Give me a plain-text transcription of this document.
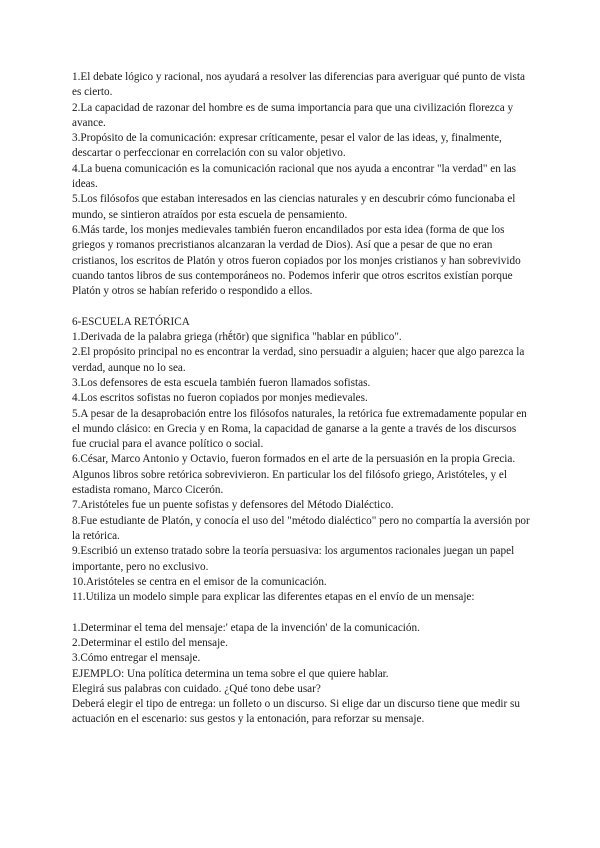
1.El debate lógico y racional, nos ayudará a resolver las diferencias para averiguar qué punto de vista es cierto.

2.La capacidad de razonar del hombre es de suma importancia para que una civilización florezca y avance.

3.Propósito de la comunicación: expresar críticamente, pesar el valor de las ideas, y, finalmente, descartar o perfeccionar en correlación con su valor objetivo.

4.La buena comunicación es la comunicación racional que nos ayuda a encontrar "la verdad" en las ideas.

5.Los filósofos que estaban interesados en las ciencias naturales y en descubrir cómo funcionaba el mundo, se sintieron atraídos por esta escuela de pensamiento.

6.Más tarde, los monjes medievales también fueron encandilados por esta idea (forma de que los griegos y romanos precristianos alcanzaran la verdad de Dios). Así que a pesar de que no eran cristianos, los escritos de Platón y otros fueron copiados por los monjes cristianos y han sobrevivido cuando tantos libros de sus contemporáneos no. Podemos inferir que otros escritos existían porque Platón y otros se habían referido o respondido a ellos.

6-ESCUELA RETÓRICA

1.Derivada de la palabra griega (rhḗtōr) que significa "hablar en público".

2.El propósito principal no es encontrar la verdad, sino persuadir a alguien; hacer que algo parezca la verdad, aunque no lo sea.

3.Los defensores de esta escuela también fueron llamados sofistas.

4.Los escritos sofistas no fueron copiados por monjes medievales.

5.A pesar de la desaprobación entre los filósofos naturales, la retórica fue extremadamente popular en el mundo clásico: en Grecia y en Roma, la capacidad de ganarse a la gente a través de los discursos fue crucial para el avance político o social.

6.César, Marco Antonio y Octavio, fueron formados en el arte de la persuasión en la propia Grecia. Algunos libros sobre retórica sobrevivieron. En particular los del filósofo griego, Aristóteles, y el estadista romano, Marco Cicerón.

7.Aristóteles fue un puente sofistas y defensores del Método Dialéctico.

8.Fue estudiante de Platón, y conocía el uso del "método dialéctico" pero no compartía la aversión por la retórica.

9.Escribió un extenso tratado sobre la teoría persuasiva: los argumentos racionales juegan un papel importante, pero no exclusivo.

10.Aristóteles se centra en el emisor de la comunicación.

11.Utiliza un modelo simple para explicar las diferentes etapas en el envío de un mensaje:

1.Determinar el tema del mensaje:' etapa de la invención' de la comunicación.

2.Determinar el estilo del mensaje.

3.Cómo entregar el mensaje.

EJEMPLO: Una política determina un tema sobre el que quiere hablar.

Elegirá sus palabras con cuidado. ¿Qué tono debe usar?

Deberá elegir el tipo de entrega: un folleto o un discurso. Si elige dar un discurso tiene que medir su actuación en el escenario: sus gestos y la entonación, para reforzar su mensaje.
